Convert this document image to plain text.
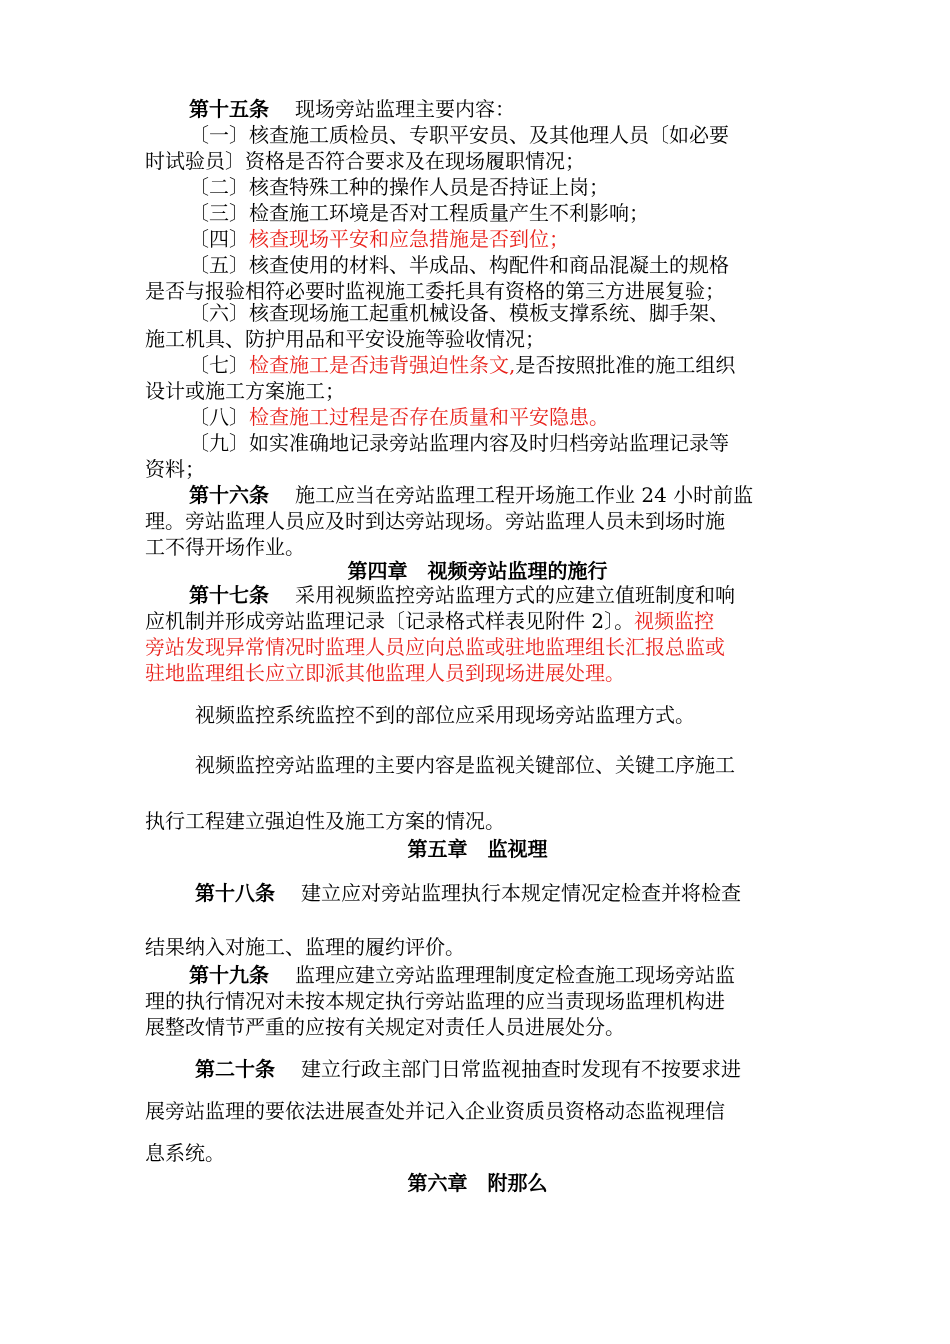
第十五条 现场旁站监理主要内容：
〔一〕核查施工质检员、专职平安员、及其他理人员〔如必要
时试验员〕资格是否符合要求及在现场履职情况；
〔二〕核查特殊工种的操作人员是否持证上岗；
〔三〕检查施工环境是否对工程质量产生不利影响；
〔四〕核查现场平安和应急措施是否到位；
〔五〕核查使用的材料、半成品、构配件和商品混凝土的规格
是否与报验相符必要时监视施工委托具有资格的第三方进展复验；
〔六〕核查现场施工起重机械设备、模板支撑系统、脚手架、
施工机具、防护用品和平安设施等验收情况；
〔七〕检查施工是否违背强迫性条文,是否按照批准的施工组织
设计或施工方案施工；
〔八〕检查施工过程是否存在质量和平安隐患。
〔九〕如实准确地记录旁站监理内容及时归档旁站监理记录等
资料；
第十六条 施工应当在旁站监理工程开场施工作业 24 小时前监
理。旁站监理人员应及时到达旁站现场。旁站监理人员未到场时施
工不得开场作业。
第四章　视频旁站监理的施行
第十七条 采用视频监控旁站监理方式的应建立值班制度和响
应机制并形成旁站监理记录〔记录格式样表见附件 2〕。视频监控
旁站发现异常情况时监理人员应向总监或驻地监理组长汇报总监或
驻地监理组长应立即派其他监理人员到现场进展处理。
视频监控系统监控不到的部位应采用现场旁站监理方式。
视频监控旁站监理的主要内容是监视关键部位、关键工序施工
执行工程建立强迫性及施工方案的情况。
第五章　监视理
第十八条 建立应对旁站监理执行本规定情况定检查并将检查
结果纳入对施工、监理的履约评价。
第十九条 监理应建立旁站监理理制度定检查施工现场旁站监
理的执行情况对未按本规定执行旁站监理的应当责现场监理机构进
展整改情节严重的应按有关规定对责任人员进展处分。
第二十条 建立行政主部门日常监视抽查时发现有不按要求进
展旁站监理的要依法进展查处并记入企业资质员资格动态监视理信
息系统。
第六章　附那么
